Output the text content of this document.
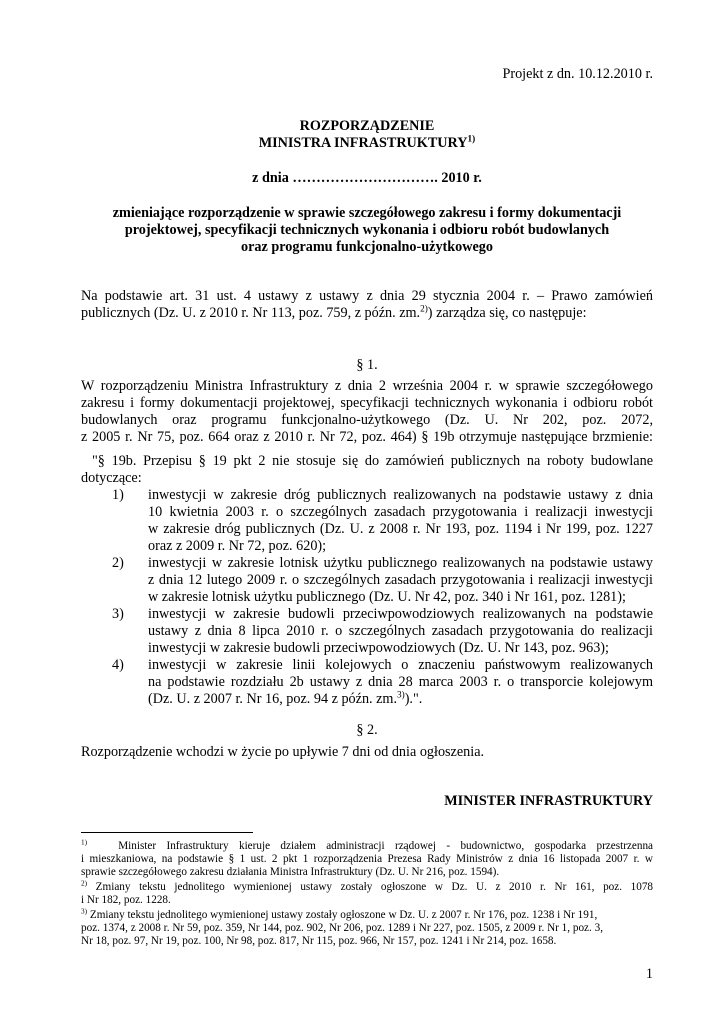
Projekt z dn. 10.12.2010 r.
ROZPORZĄDZENIE
MINISTRA INFRASTRUKTURY$^{1)}$
z dnia …………………………. 2010 r.
zmieniające rozporządzenie w sprawie szczegółowego zakresu i formy dokumentacji
projektowej, specyfikacji technicznych wykonania i odbioru robót budowlanych
oraz programu funkcjonalno-użytkowego
Na podstawie art. 31 ust. 4 ustawy z ustawy z dnia 29 stycznia 2004 r. – Prawo zamówień
publicznych (Dz. U. z 2010 r. Nr 113, poz. 759, z późn. zm.$^{2)}$) zarządza się, co następuje:
§ 1.
W rozporządzeniu Ministra Infrastruktury z dnia 2 września 2004 r. w sprawie szczegółowego
zakresu i formy dokumentacji projektowej, specyfikacji technicznych wykonania i odbioru robót
budowlanych oraz programu funkcjonalno-użytkowego (Dz. U. Nr 202, poz. 2072,
z 2005 r. Nr 75, poz. 664 oraz z 2010 r. Nr 72, poz. 464) § 19b otrzymuje następujące brzmienie:
"§ 19b. Przepisu § 19 pkt 2 nie stosuje się do zamówień publicznych na roboty budowlane
dotyczące:
1) inwestycji w zakresie dróg publicznych realizowanych na podstawie ustawy z dnia
10 kwietnia 2003 r. o szczególnych zasadach przygotowania i realizacji inwestycji
w zakresie dróg publicznych (Dz. U. z 2008 r. Nr 193, poz. 1194 i Nr 199, poz. 1227
oraz z 2009 r. Nr 72, poz. 620);
2) inwestycji w zakresie lotnisk użytku publicznego realizowanych na podstawie ustawy
z dnia 12 lutego 2009 r. o szczególnych zasadach przygotowania i realizacji inwestycji
w zakresie lotnisk użytku publicznego (Dz. U. Nr 42, poz. 340 i Nr 161, poz. 1281);
3) inwestycji w zakresie budowli przeciwpowodziowych realizowanych na podstawie
ustawy z dnia 8 lipca 2010 r. o szczególnych zasadach przygotowania do realizacji
inwestycji w zakresie budowli przeciwpowodziowych (Dz. U. Nr 143, poz. 963);
4) inwestycji w zakresie linii kolejowych o znaczeniu państwowym realizowanych
na podstawie rozdziału 2b ustawy z dnia 28 marca 2003 r. o transporcie kolejowym
(Dz. U. z 2007 r. Nr 16, poz. 94 z późn. zm.$^{3)}$).".
§ 2.
Rozporządzenie wchodzi w życie po upływie 7 dni od dnia ogłoszenia.
MINISTER INFRASTRUKTURY
$^{1)}$	Minister Infrastruktury kieruje działem administracji rządowej - budownictwo, gospodarka przestrzenna
i mieszkaniowa, na podstawie § 1 ust. 2 pkt 1 rozporządzenia Prezesa Rady Ministrów z dnia 16 listopada 2007 r. w
sprawie szczegółowego zakresu działania Ministra Infrastruktury (Dz. U. Nr 216, poz. 1594).
$^{2)}$ Zmiany tekstu jednolitego wymienionej ustawy zostały ogłoszone w Dz. U. z 2010 r. Nr 161, poz. 1078
i Nr 182, poz. 1228.
$^{3)}$ Zmiany tekstu jednolitego wymienionej ustawy zostały ogłoszone w Dz. U. z 2007 r. Nr 176, poz. 1238 i Nr 191,
poz. 1374, z 2008 r. Nr 59, poz. 359, Nr 144, poz. 902, Nr 206, poz. 1289 i Nr 227, poz. 1505, z 2009 r. Nr 1, poz. 3,
Nr 18, poz. 97, Nr 19, poz. 100, Nr 98, poz. 817, Nr 115, poz. 966, Nr 157, poz. 1241 i Nr 214, poz. 1658.
1
